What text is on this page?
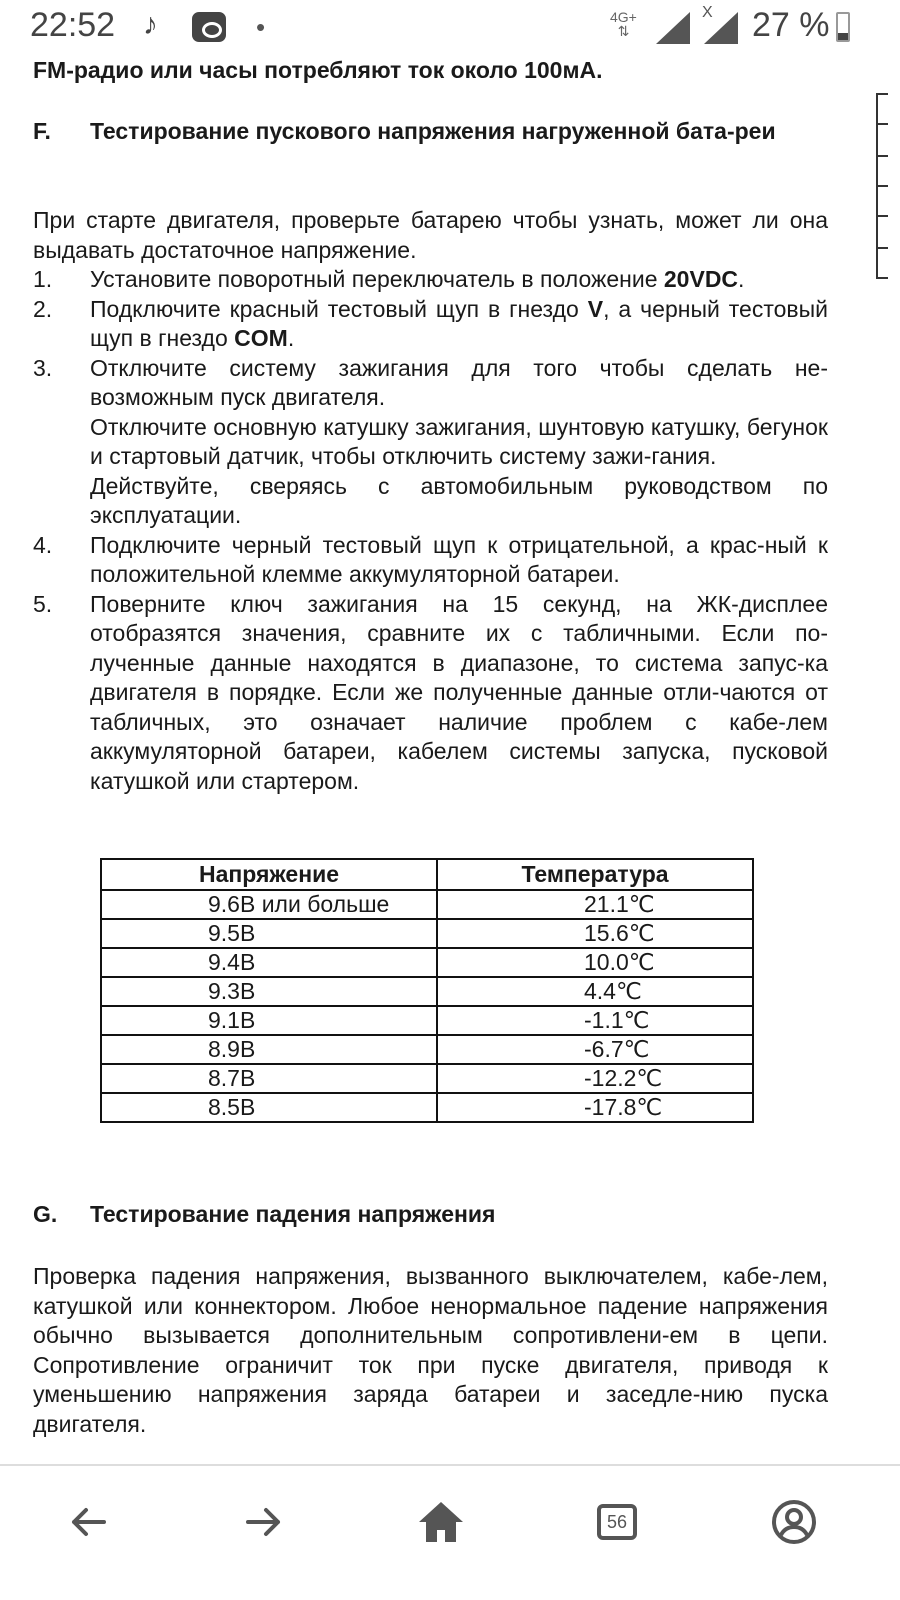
22:52 ♪	•	4G+
⇅
X 27 %
FM-радио или часы потребляют ток около 100мА.
F. Тестирование пускового напряжения нагруженной бата-реи
При старте двигателя, проверьте батарею чтобы узнать, может ли она выдавать достаточное напряжение.
1. Установите поворотный переключатель в положение 20VDC.
2. Подключите красный тестовый щуп в гнездо V, а черный тестовый щуп в гнездо COM.
3. Отключите систему зажигания для того чтобы сделать не-возможным пуск двигателя.
Отключите основную катушку зажигания, шунтовую катушку, бегунок и стартовый датчик, чтобы отключить систему зажи-гания.
Действуйте, сверяясь с автомобильным руководством по эксплуатации.
4. Подключите черный тестовый щуп к отрицательной, а крас-ный к положительной клемме аккумуляторной батареи.
5. Поверните ключ зажигания на 15 секунд, на ЖК-дисплее отобразятся значения, сравните их с табличными. Если по-лученные данные находятся в диапазоне, то система запус-ка двигателя в порядке. Если же полученные данные отли-чаются от табличных, это означает наличие проблем с кабе-лем аккумуляторной батареи, кабелем системы запуска, пусковой катушкой или стартером.
Напряжение	Температура
9.6В или больше	21.1℃
9.5В	15.6℃
9.4В	10.0℃
9.3В	4.4℃
9.1В	-1.1℃
8.9В	-6.7℃
8.7В	-12.2℃
8.5В	-17.8℃
G. Тестирование падения напряжения
Проверка падения напряжения, вызванного выключателем, кабе-лем, катушкой или коннектором. Любое ненормальное падение напряжения обычно вызывается дополнительным сопротивлени-ем в цепи. Сопротивление ограничит ток при пуске двигателя, приводя к уменьшению напряжения заряда батареи и заседле-нию пуска двигателя.
56
